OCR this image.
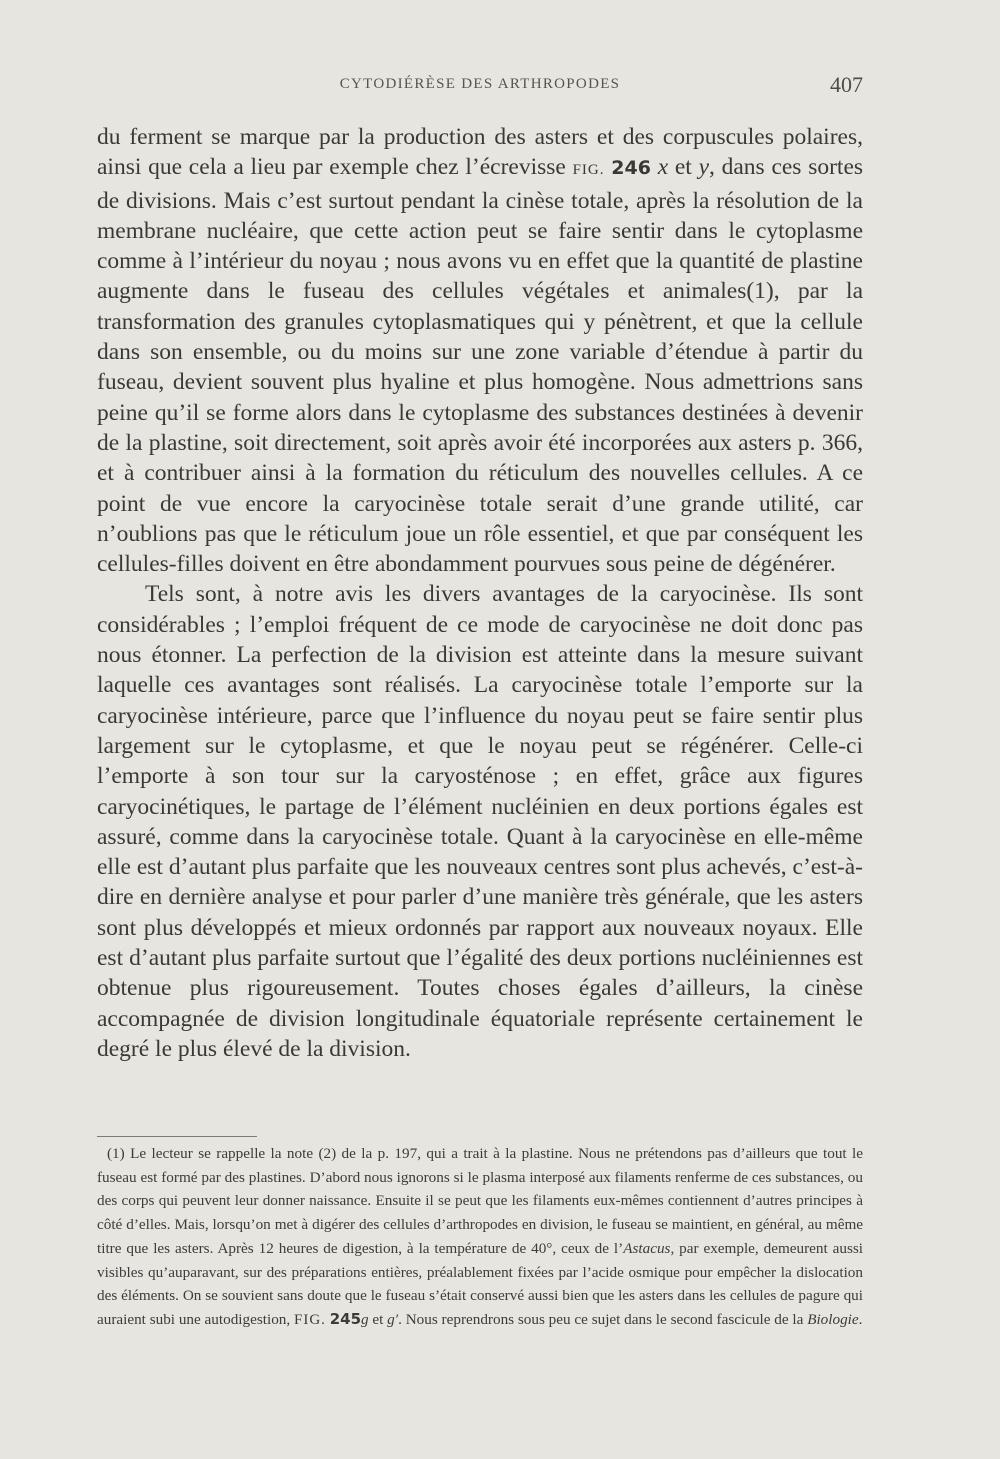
CYTODIÉRÈSE DES ARTHROPODES	407

du ferment se marque par la production des asters et des corpuscules polaires, ainsi que cela a lieu par exemple chez l’écrevisse FIG. 246 x et y, dans ces sortes de divisions. Mais c’est surtout pendant la cinèse totale, après la résolution de la membrane nucléaire, que cette action peut se faire sentir dans le cytoplasme comme à l’intérieur du noyau ; nous avons vu en effet que la quantité de plastine augmente dans le fuseau des cellules végétales et animales(1), par la transformation des granules cytoplasmatiques qui y pénètrent, et que la cellule dans son ensemble, ou du moins sur une zone variable d’étendue à partir du fuseau, devient souvent plus hyaline et plus homogène. Nous admettrions sans peine qu’il se forme alors dans le cytoplasme des substances destinées à devenir de la plastine, soit directement, soit après avoir été incorporées aux asters p. 366, et à contribuer ainsi à la formation du réticulum des nouvelles cellules. A ce point de vue encore la caryocinèse totale serait d’une grande utilité, car n’oublions pas que le réticulum joue un rôle essentiel, et que par conséquent les cellules-filles doivent en être abondamment pourvues sous peine de dégénérer.

Tels sont, à notre avis les divers avantages de la caryocinèse. Ils sont considérables ; l’emploi fréquent de ce mode de caryocinèse ne doit donc pas nous étonner. La perfection de la division est atteinte dans la mesure suivant laquelle ces avantages sont réalisés. La caryocinèse totale l’emporte sur la caryocinèse intérieure, parce que l’influence du noyau peut se faire sentir plus largement sur le cytoplasme, et que le noyau peut se régénérer. Celle-ci l’emporte à son tour sur la caryosténose ; en effet, grâce aux figures caryocinétiques, le partage de l’élément nucléinien en deux portions égales est assuré, comme dans la caryocinèse totale. Quant à la caryocinèse en elle-même elle est d’autant plus parfaite que les nouveaux centres sont plus achevés, c’est-à-dire en dernière analyse et pour parler d’une manière très générale, que les asters sont plus développés et mieux ordonnés par rapport aux nouveaux noyaux. Elle est d’autant plus parfaite surtout que l’égalité des deux portions nucléiniennes est obtenue plus rigoureusement. Toutes choses égales d’ailleurs, la cinèse accompagnée de division longitudinale équatoriale représente certainement le degré le plus élevé de la division.

(1) Le lecteur se rappelle la note (2) de la p. 197, qui a trait à la plastine. Nous ne prétendons pas d’ailleurs que tout le fuseau est formé par des plastines. D’abord nous ignorons si le plasma interposé aux filaments renferme de ces substances, ou des corps qui peuvent leur donner naissance. Ensuite il se peut que les filaments eux-mêmes contiennent d’autres principes à côté d’elles. Mais, lorsqu’on met à digérer des cellules d’arthropodes en division, le fuseau se maintient, en général, au même titre que les asters. Après 12 heures de digestion, à la température de 40°, ceux de l’Astacus, par exemple, demeurent aussi visibles qu’auparavant, sur des préparations entières, préalablement fixées par l’acide osmique pour empêcher la dislocation des éléments. On se souvient sans doute que le fuseau s’était conservé aussi bien que les asters dans les cellules de pagure qui auraient subi une autodigestion, FIG. 245g et g′. Nous reprendrons sous peu ce sujet dans le second fascicule de la Biologie.
